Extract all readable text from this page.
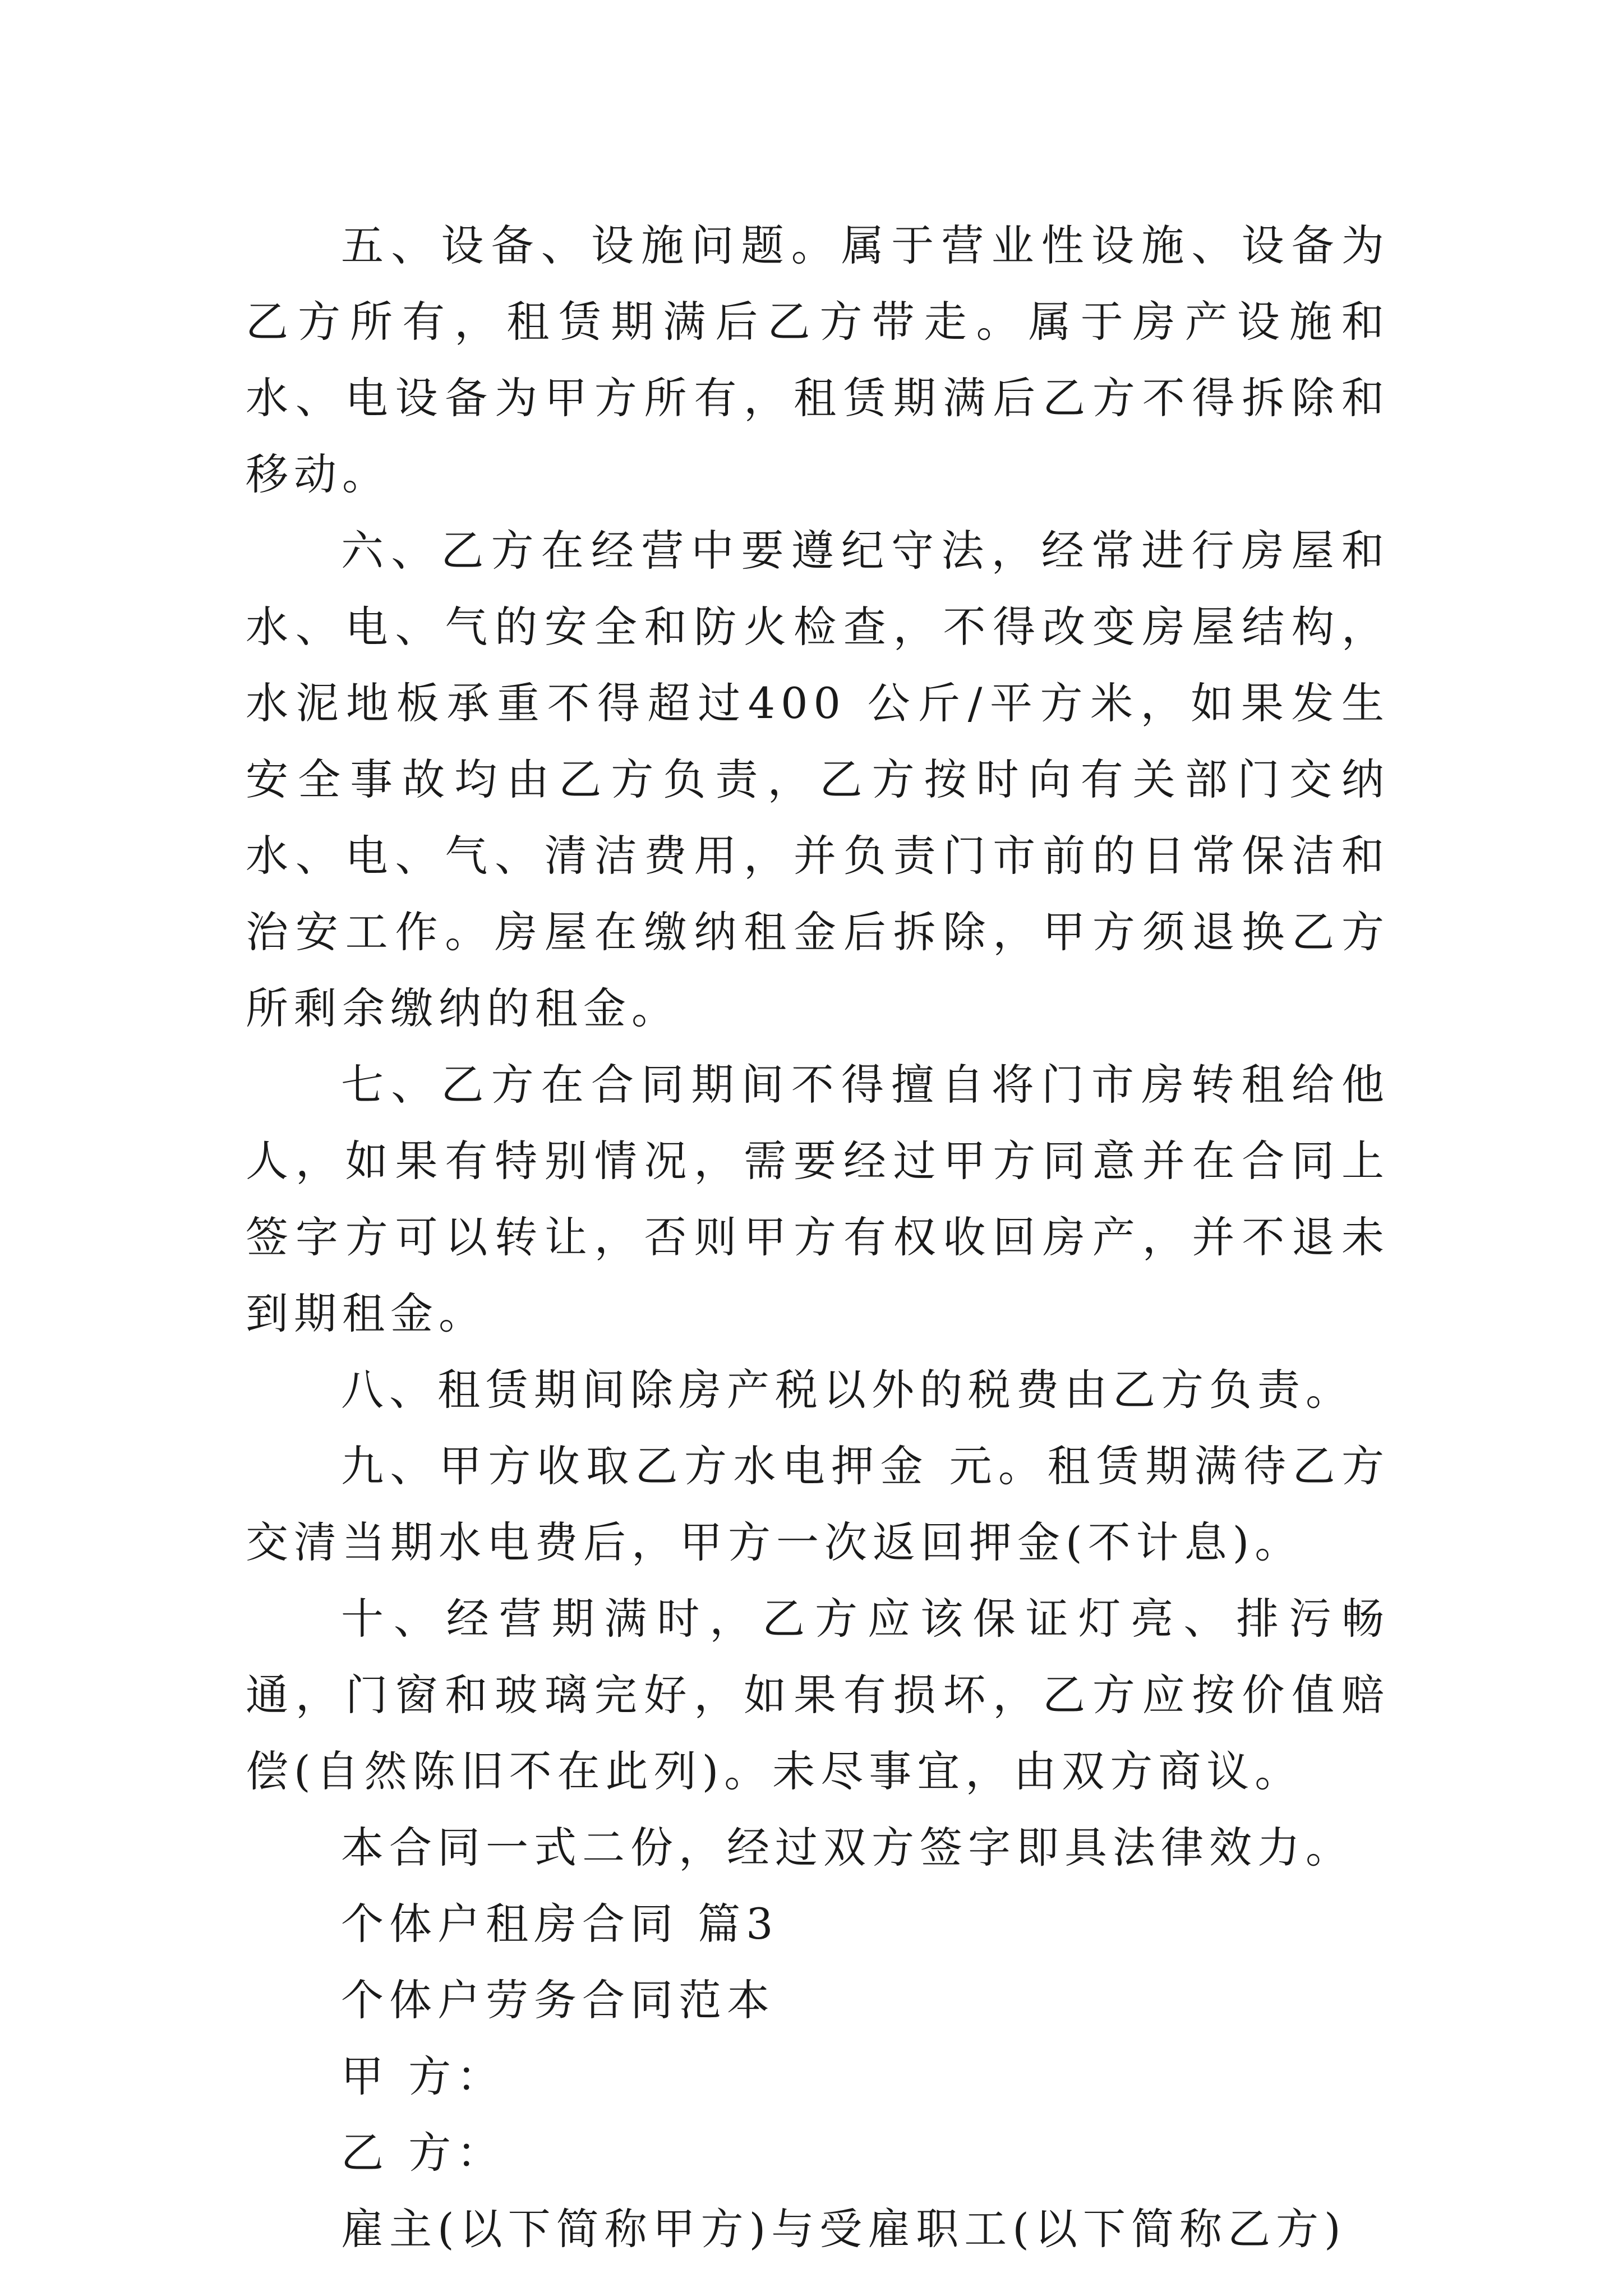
五、设备、设施问题。属于营业性设施、设备为乙方所有，租赁期满后乙方带走。属于房产设施和水、电设备为甲方所有，租赁期满后乙方不得拆除和移动。

六、乙方在经营中要遵纪守法，经常进行房屋和水、电、气的安全和防火检查，不得改变房屋结构，水泥地板承重不得超过400 公斤/平方米，如果发生安全事故均由乙方负责，乙方按时向有关部门交纳水、电、气、清洁费用，并负责门市前的日常保洁和治安工作。房屋在缴纳租金后拆除，甲方须退换乙方所剩余缴纳的租金。

七、乙方在合同期间不得擅自将门市房转租给他人，如果有特别情况，需要经过甲方同意并在合同上签字方可以转让，否则甲方有权收回房产，并不退未到期租金。

八、租赁期间除房产税以外的税费由乙方负责。

九、甲方收取乙方水电押金 元。租赁期满待乙方交清当期水电费后，甲方一次返回押金(不计息)。

十、经营期满时，乙方应该保证灯亮、排污畅通，门窗和玻璃完好，如果有损坏，乙方应按价值赔偿(自然陈旧不在此列)。未尽事宜，由双方商议。

本合同一式二份，经过双方签字即具法律效力。

个体户租房合同 篇3

个体户劳务合同范本

甲 方：

乙 方：

雇主(以下简称甲方)与受雇职工(以下简称乙方)
